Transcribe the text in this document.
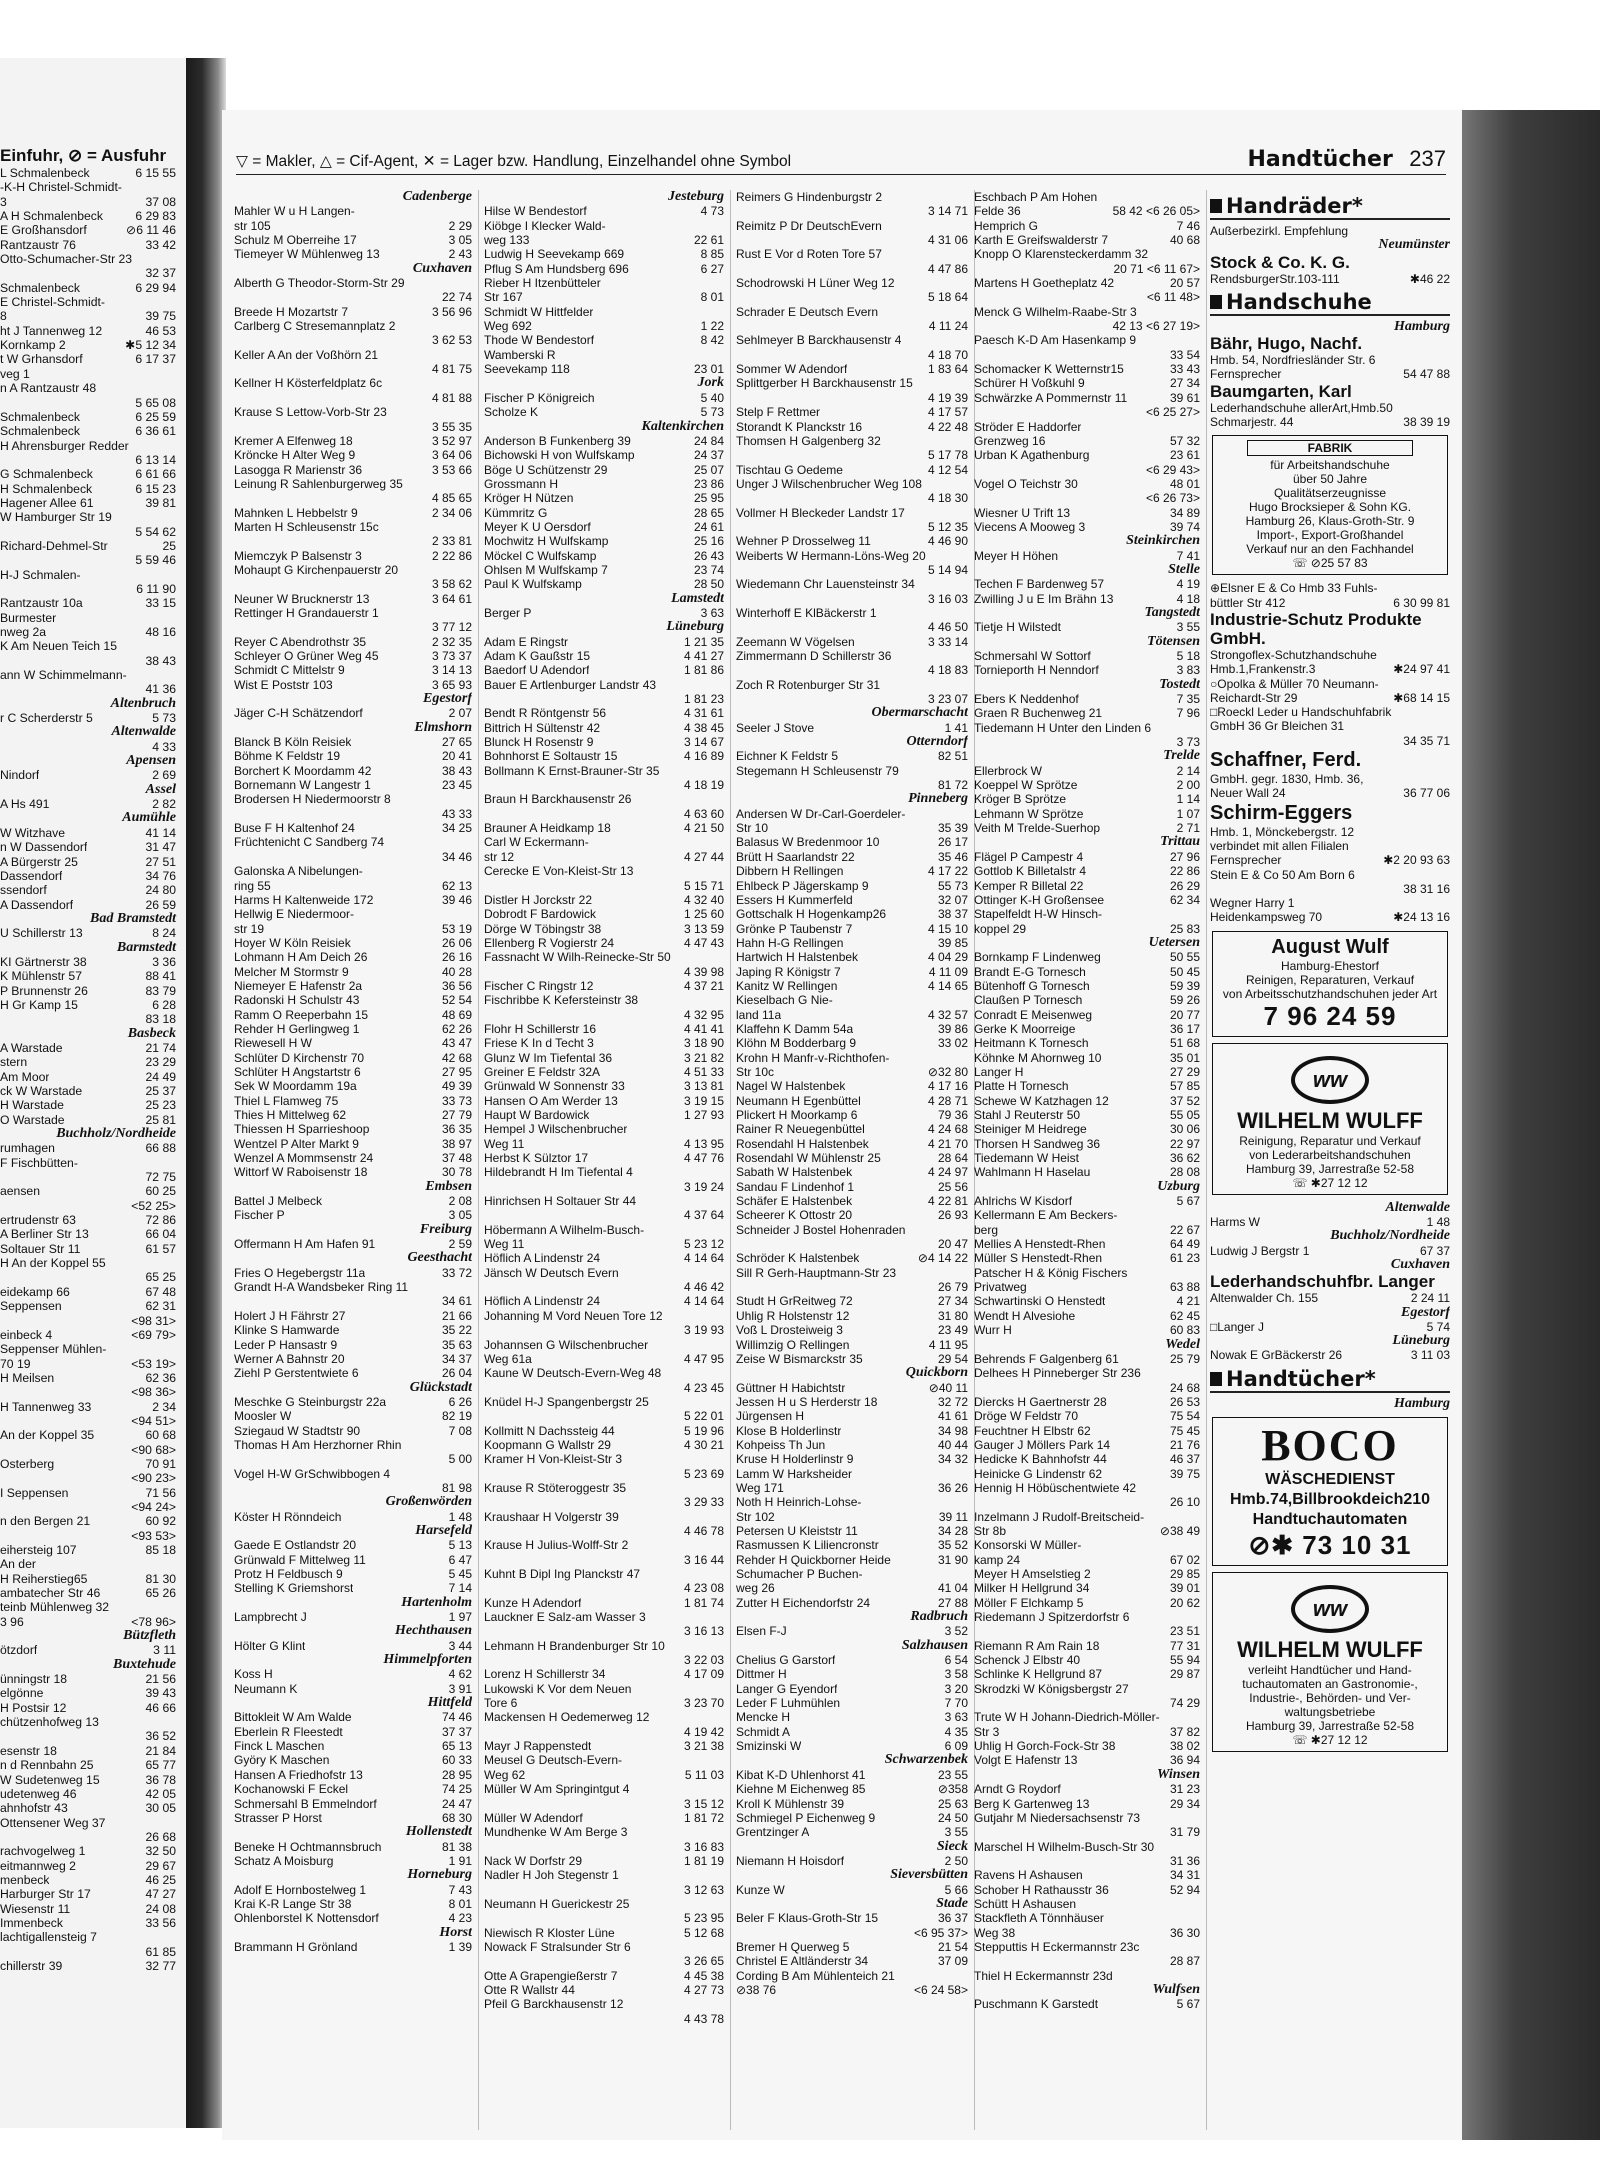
Einfuhr, ⊘ = Ausfuhr
L Schmalenbeck	6 15 55
-K-H Christel-Schmidt-
3	37 08
A H Schmalenbeck	6 29 83
E Großhansdorf	⊘6 11 46
Rantzaustr 76	33 42
Otto-Schumacher-Str 23
32 37
Schmalenbeck	6 29 94
E Christel-Schmidt-
8	39 75
ht J Tannenweg 12	46 53
Kornkamp 2	✱5 12 34
t W Grhansdorf	6 17 37
veg 1
n A Rantzaustr 48
5 65 08
Schmalenbeck	6 25 59
Schmalenbeck	6 36 61
H Ahrensburger Redder
6 13 14
G Schmalenbeck	6 61 66
H Schmalenbeck	6 15 23
Hagener Allee 61	39 81
W Hamburger Str 19
5 54 62
Richard-Dehmel-Str	25
5 59 46
H-J Schmalen-
6 11 90
Rantzaustr 10a	33 15
Burmester
nweg 2a	48 16
K Am Neuen Teich 15
38 43
ann W Schimmelmann-
41 36
Altenbruch
r C Scherderstr 5	5 73
Altenwalde
4 33
Apensen
Nindorf	2 69
Assel
A Hs 491	2 82
Aumühle
W Witzhave	41 14
n W Dassendorf	31 47
A Bürgerstr 25	27 51
Dassendorf	34 76
ssendorf	24 80
A Dassendorf	26 59
Bad Bramstedt
U Schillerstr 13	8 24
Barmstedt
KI Gärtnerstr 38	3 36
K Mühlenstr 57	88 41
P Brunnenstr 26	83 79
H Gr Kamp 15	6 28
83 18
Basbeck
A Warstade	21 74
stern	23 29
Am Moor	24 49
ck W Warstade	25 37
H Warstade	25 23
O Warstade	25 81
Buchholz/Nordheide
rumhagen	66 88
F Fischbütten-
72 75
aensen	60 25
<52 25>
ertrudenstr 63	72 86
A Berliner Str 13	66 04
Soltauer Str 11	61 57
H An der Koppel 55
65 25
eidekamp 66	67 48
Seppensen	62 31
<98 31>
einbeck 4	<69 79>
Seppenser Mühlen-
70 19	<53 19>
H Meilsen	62 36
<98 36>
H Tannenweg 33	2 34
<94 51>
An der Koppel 35	60 68
<90 68>
Osterberg	70 91
<90 23>
I Seppensen	71 56
<94 24>
n den Bergen 21	60 92
<93 53>
eihersteig 107	85 18
An der
H Reiherstieg65	81 30
ambatecher Str 46	65 26
teinb Mühlenweg 32
3 96	<78 96>
Bützfleth
ötzdorf	3 11
Buxtehude
ünningstr 18	21 56
elgönne	39 43
H Postsir 12	46 66
chützenhofweg 13
36 52
esenstr 18	21 84
n d Rennbahn 25	65 77
W Sudetenweg 15	36 78
udetenweg 46	42 05
ahnhofstr 43	30 05
Ottensener Weg 37
26 68
rachvogelweg 1	32 50
eitmannweg 2	29 67
menbeck	46 25
Harburger Str 17	47 27
Wiesenstr 11	24 08
Immenbeck	33 56
lachtigallensteig 7
61 85
chillerstr 39	32 77
▽ = Makler, △ = Cif-Agent, ✕ = Lager bzw. Handlung, Einzelhandel ohne Symbol	Handtücher 237
Cadenberge
Mahler W u H Langen-
str 105	2 29
Schulz M Oberreihe 17	3 05
Tiemeyer W Mühlenweg 13	2 43
Cuxhaven
Alberth G Theodor-Storm-Str 29
22 74
Breede H Mozartstr 7	3 56 96
Carlberg C Stresemannplatz 2
3 62 53
Keller A An der Voßhörn 21
4 81 75
Kellner H Kösterfeldplatz 6c
4 81 88
Krause S Lettow-Vorb-Str 23
3 55 35
Kremer A Elfenweg 18	3 52 97
Kröncke H Alter Weg 9	3 64 06
Lasogga R Marienstr 36	3 53 66
Leinung R Sahlenburgerweg 35
4 85 65
Mahnken L Hebbelstr 9	2 34 06
Marten H Schleusenstr 15c
2 33 81
Miemczyk P Balsenstr 3	2 22 86
Mohaupt G Kirchenpauerstr 20
3 58 62
Neuner W Brucknerstr 13	3 64 61
Rettinger H Grandauerstr 1
3 77 12
Reyer C Abendrothstr 35	2 32 35
Schleyer O Grüner Weg 45	3 73 37
Schmidt C Mittelstr 9	3 14 13
Wist E Poststr 103	3 65 93
Egestorf
Jäger C-H Schätzendorf	2 07
Elmshorn
Blanck B Köln Reisiek	27 65
Böhme K Feldstr 19	20 41
Borchert K Moordamm 42	38 43
Bornemann W Langestr 1	23 45
Brodersen H Niedermoorstr 8
43 33
Buse F H Kaltenhof 24	34 25
Früchtenicht C Sandberg 74
34 46
Galonska A Nibelungen-
ring 55	62 13
Harms H Kaltenweide 172	39 46
Hellwig E Niedermoor-
str 19	53 19
Hoyer W Köln Reisiek	26 06
Lohmann H Am Deich 26	26 16
Melcher M Stormstr 9	40 28
Niemeyer E Hafenstr 2a	36 56
Radonski H Schulstr 43	52 54
Ramm O Reeperbahn 15	48 69
Rehder H Gerlingweg 1	62 26
Riewesell H W	43 47
Schlüter D Kirchenstr 70	42 68
Schlüter H Angstartstr 6	27 95
Sek W Moordamm 19a	49 39
Thiel L Flamweg 75	33 73
Thies H Mittelweg 62	27 79
Thiessen H Sparrieshoop	36 35
Wentzel P Alter Markt 9	38 97
Wenzel A Mommsenstr 24	37 48
Wittorf W Raboisenstr 18	30 78
Embsen
Battel J Melbeck	2 08
Fischer P	3 05
Freiburg
Offermann H Am Hafen 91	2 59
Geesthacht
Fries O Hegebergstr 11a	33 72
Grandt H-A Wandsbeker Ring 11
34 61
Holert J H Fährstr 27	21 66
Klinke S Hamwarde	35 22
Leder P Hansastr 9	35 63
Werner A Bahnstr 20	34 37
Ziehl P Gerstentwiete 6	26 04
Glückstadt
Meschke G Steinburgstr 22a	6 26
Moosler W	82 19
Sziegaud W Stadtstr 90	7 08
Thomas H Am Herzhorner Rhin
5 00
Vogel H-W GrSchwibbogen 4
81 98
Großenwörden
Köster H Rönndeich	1 48
Harsefeld
Gaede E Ostlandstr 20	5 13
Grünwald F Mittelweg 11	6 47
Protz H Feldbusch 9	5 45
Stelling K Griemshorst	7 14
Hartenholm
Lampbrecht J	1 97
Hechthausen
Hölter G Klint	3 44
Himmelpforten
Koss H	4 62
Neumann K	3 91
Hittfeld
Bittokleit W Am Walde	74 46
Eberlein R Fleestedt	37 37
Finck L Maschen	65 13
Györy K Maschen	60 33
Hansen A Friedhofstr 13	28 95
Kochanowski F Eckel	74 25
Schmersahl B Emmelndorf	24 47
Strasser P Horst	68 30
Hollenstedt
Beneke H Ochtmannsbruch	81 38
Schatz A Moisburg	1 91
Horneburg
Adolf E Hornbostelweg 1	7 43
Krai K-R Lange Str 38	8 01
Ohlenborstel K Nottensdorf	4 23
Horst
Brammann H Grönland	1 39
Jesteburg
Hilse W Bendestorf	4 73
Kiöbge I Klecker Wald-
weg 133	22 61
Ludwig H Seevekamp 669	8 85
Pflug S Am Hundsberg 696	6 27
Rieber H Itzenbütteler
Str 167	8 01
Schmidt W Hittfelder
Weg 692	1 22
Thode W Bendestorf	8 42
Wamberski R
Seevekamp 118	23 01
Jork
Fischer P Königreich	5 40
Scholze K	5 73
Kaltenkirchen
Anderson B Funkenberg 39	24 84
Bichowski H von Wulfskamp	24 37
Böge U Schützenstr 29	25 07
Grossmann H	23 86
Kröger H Nützen	25 95
Kümmritz G	28 65
Meyer K U Oersdorf	24 61
Mochwitz H Wulfskamp	25 16
Möckel C Wulfskamp	26 43
Ohlsen M Wulfskamp 7	23 74
Paul K Wulfskamp	28 50
Lamstedt
Berger P	3 63
Lüneburg
Adam E Ringstr	1 21 35
Adam K Gaußstr 15	4 41 27
Baedorf U Adendorf	1 81 86
Bauer E Artlenburger Landstr 43
1 81 23
Bendt R Röntgenstr 56	4 31 61
Bittrich H Sültenstr 42	4 38 45
Blunck H Rosenstr 9	3 14 67
Bohnhorst E Soltaustr 15	4 16 89
Bollmann K Ernst-Brauner-Str 35
4 18 19
Braun H Barckhausenstr 26
4 63 60
Brauner A Heidkamp 18	4 21 50
Carl W Eckermann-
str 12	4 27 44
Cerecke E Von-Kleist-Str 13
5 15 71
Distler H Jorckstr 22	4 32 40
Dobrodt F Bardowick	1 25 60
Dörge W Töbingstr 38	3 13 59
Ellenberg R Vogierstr 24	4 47 43
Fassnacht W Wilh-Reinecke-Str 50
4 39 98
Fischer C Ringstr 12	4 37 21
Fischribbe K Kefersteinstr 38
4 32 95
Flohr H Schillerstr 16	4 41 41
Friese K In d Techt 3	3 18 90
Glunz W Im Tiefental 36	3 21 82
Greiner E Feldstr 32A	4 51 33
Grünwald W Sonnenstr 33	3 13 81
Hansen O Am Werder 13	3 19 15
Haupt W Bardowick	1 27 93
Hempel J Wilschenbrucher
Weg 11	4 13 95
Herbst K Sülztor 17	4 47 76
Hildebrandt H Im Tiefental 4
3 19 24
Hinrichsen H Soltauer Str 44
4 37 64
Höbermann A Wilhelm-Busch-
Weg 11	5 23 12
Höflich A Lindenstr 24	4 14 64
Jänsch W Deutsch Evern
4 46 42
Höflich A Lindenstr 24	4 14 64
Johanning M Vord Neuen Tore 12
3 19 93
Johannsen G Wilschenbrucher
Weg 61a	4 47 95
Kaune W Deutsch-Evern-Weg 48
4 23 45
Knüdel H-J Spangenbergstr 25
5 22 01
Kollmitt N Dachssteig 44	5 19 96
Koopmann G Wallstr 29	4 30 21
Kramer H Von-Kleist-Str 3
5 23 69
Krause R Stöteroggestr 35
3 29 33
Kraushaar H Volgerstr 39
4 46 78
Krause H Julius-Wolff-Str 2
3 16 44
Kuhnt B Dipl Ing Planckstr 47
4 23 08
Kunze H Adendorf	1 81 74
Lauckner E Salz-am Wasser 3
3 16 13
Lehmann H Brandenburger Str 10
3 22 03
Lorenz H Schillerstr 34	4 17 09
Lukowski K Vor dem Neuen
Tore 6	3 23 70
Mackensen H Oedemerweg 12
4 19 42
Mayr J Rappenstedt	3 21 38
Meusel G Deutsch-Evern-
Weg 62	5 11 03
Müller W Am Springintgut 4
3 15 12
Müller W Adendorf	1 81 72
Mundhenke W Am Berge 3
3 16 83
Nack W Dorfstr 29	1 81 19
Nadler H Joh Stegenstr 1
3 12 63
Neumann H Guerickestr 25
5 23 95
Niewisch R Kloster Lüne	5 12 68
Nowack F Stralsunder Str 6
3 26 65
Otte A Grapengießerstr 7	4 45 38
Otte R Wallstr 44	4 27 73
Pfeil G Barckhausenstr 12
4 43 78
Reimers G Hindenburgstr 2
3 14 71
Reimitz P Dr DeutschEvern
4 31 06
Rust E Vor d Roten Tore 57
4 47 86
Schodrowski H Lüner Weg 12
5 18 64
Schrader E Deutsch Evern
4 11 24
Sehlmeyer B Barckhausenstr 4
4 18 70
Sommer W Adendorf	1 83 64
Splittgerber H Barckhausenstr 15
4 19 39
Stelp F Rettmer	4 17 57
Storandt K Planckstr 16	4 22 48
Thomsen H Galgenberg 32
5 17 78
Tischtau G Oedeme	4 12 54
Unger J Wilschenbrucher Weg 108
4 18 30
Vollmer H Bleckeder Landstr 17
5 12 35
Wehner P Drosselweg 11	4 46 90
Weiberts W Hermann-Löns-Weg 20
5 14 94
Wiedemann Chr Lauensteinstr 34
3 16 03
Winterhoff E KlBäckerstr 1
4 46 50
Zeemann W Vögelsen	3 33 14
Zimmermann D Schillerstr 36
4 18 83
Zoch R Rotenburger Str 31
3 23 07
Obermarschacht
Seeler J Stove	1 41
Otterndorf
Eichner K Feldstr 5	82 51
Stegemann H Schleusenstr 79
81 72
Pinneberg
Andersen W Dr-Carl-Goerdeler-
Str 10	35 39
Balasus W Bredenmoor 10	26 17
Brütt H Saarlandstr 22	35 46
Dibbern H Rellingen	4 17 22
Ehlbeck P Jägerskamp 9	55 73
Essers H Kummerfeld	32 07
Gottschalk H Hogenkamp26	38 37
Grönke P Taubenstr 7	4 15 10
Hahn H-G Rellingen	39 85
Hartwich H Halstenbek	4 04 29
Japing R Königstr 7	4 11 09
Kanitz W Rellingen	4 14 65
Kieselbach G Nie-
land 11a	4 32 57
Klaffehn K Damm 54a	39 86
Klöhn M Bodderbarg 9	33 02
Krohn H Manfr-v-Richthofen-
Str 10c	⊘32 80
Nagel W Halstenbek	4 17 16
Neumann H Egenbüttel	4 28 71
Plickert H Moorkamp 6	79 36
Rainer R Neuegenbüttel	4 24 68
Rosendahl H Halstenbek	4 21 70
Rosendahl W Mühlenstr 25	28 64
Sabath W Halstenbek	4 24 97
Sandau F Lindenhof 1	25 56
Schäfer E Halstenbek	4 22 81
Scheerer K Ottostr 20	26 93
Schneider J Bostel Hohenraden
20 47
Schröder K Halstenbek	⊘4 14 22
Sill R Gerh-Hauptmann-Str 23
26 79
Studt H GrReitweg 72	27 34
Uhlig R Holstenstr 12	31 80
Voß L Drosteiweig 3	23 49
Willimzig O Rellingen	4 11 95
Zeise W Bismarckstr 35	29 54
Quickborn
Güttner H Habichtstr	⊘40 11
Jessen H u S Herderstr 18	32 72
Jürgensen H	41 61
Klose B Holderlinstr	34 98
Kohpeiss Th Jun	40 44
Kruse H Holderlinstr 9	34 32
Lamm W Harksheider
Weg 171	36 26
Noth H Heinrich-Lohse-
Str 102	39 11
Petersen U Kleiststr 11	34 28
Rasmussen K Liliencronstr	35 52
Rehder H Quickborner Heide	31 90
Schumacher P Buchen-
weg 26	41 04
Zutter H Eichendorfstr 24	27 88
Radbruch
Elsen F-J	3 52
Salzhausen
Chelius G Garstorf	6 54
Dittmer H	3 58
Langer G Eyendorf	3 20
Leder F Luhmühlen	7 70
Mencke H	3 63
Schmidt A	4 35
Smizinski W	6 09
Schwarzenbek
Kibat K-D Uhlenhorst 41	23 55
Kiehne M Eichenweg 85	⊘358
Kroll K Mühlenstr 39	25 63
Schmiegel P Eichenweg 9	24 50
Grentzinger A	3 55
Sieck
Niemann H Hoisdorf	2 50
Sieversbütten
Kunze W	5 66
Stade
Beler F Klaus-Groth-Str 15	36 37
<6 95 37>
Bremer H Querweg 5	21 54
Christel E Altländerstr 34	37 09
Cording B Am Mühlenteich 21
⊘38 76	<6 24 58>
Eschbach P Am Hohen
Felde 36	58 42 <6 26 05>
Hemprich G	7 46
Karth E Greifswalderstr 7	40 68
Knopp O Klarensteckerdamm 32
20 71 <6 11 67>
Martens H Goetheplatz 42	20 57
<6 11 48>
Menck G Wilhelm-Raabe-Str 3
42 13 <6 27 19>
Paesch K-D Am Hasenkamp 9
33 54
Schomacker K Wetternstr15	33 43
Schürer H Voßkuhl 9	27 34
Schwärzke A Pommernstr 11	39 61
<6 25 27>
Ströder E Haddorfer
Grenzweg 16	57 32
Urban K Agathenburg	23 61
<6 29 43>
Vogel O Teichstr 30	48 01
<6 26 73>
Wiesner U Trift 13	34 89
Viecens A Mooweg 3	39 74
Steinkirchen
Meyer H Höhen	7 41
Stelle
Techen F Bardenweg 57	4 19
Zwilling J u E Im Brähn 13	4 18
Tangstedt
Tietje H Wilstedt	3 55
Tötensen
Schmersahl W Sottorf	5 18
Tornieporth H Nenndorf	3 83
Tostedt
Ebers K Neddenhof	7 35
Graen R Buchenweg 21	7 96
Tiedemann H Unter den Linden 6
3 73
Trelde
Ellerbrock W	2 14
Koeppel W Sprötze	2 00
Kröger B Sprötze	1 14
Lehmann W Sprötze	1 07
Veith M Trelde-Suerhop	2 71
Trittau
Flägel P Campestr 4	27 96
Gottlob K Billetalstr 4	22 86
Kemper R Billetal 22	26 29
Ottinger K-H Großensee	62 34
Stapelfeldt H-W Hinsch-
koppel 29	25 83
Uetersen
Bornkamp F Lindenweg	50 55
Brandt E-G Tornesch	50 45
Bütenhoff G Tornesch	59 39
Claußen P Tornesch	59 26
Conradt E Meisenweg	20 77
Gerke K Moorreige	36 17
Heitmann K Tornesch	51 68
Köhnke M Ahornweg 10	35 01
Langer H	27 29
Platte H Tornesch	57 85
Schewe W Katzhagen 12	37 52
Stahl J Reuterstr 50	55 05
Steiniger M Heidrege	30 06
Thorsen H Sandweg 36	22 97
Tiedemann W Heist	36 62
Wahlmann H Haselau	28 08
Uzburg
Ahlrichs W Kisdorf	5 67
Kellermann E Am Beckers-
berg	22 67
Mellies A Henstedt-Rhen	64 49
Müller S Henstedt-Rhen	61 23
Patscher H & König Fischers
Privatweg	63 88
Schwartinski O Henstedt	4 21
Wendt H Alvesiohe	62 45
Wurr H	60 83
Wedel
Behrends F Galgenberg 61	25 79
Delhees H Pinneberger Str 236
24 68
Diercks H Gaertnerstr 28	26 53
Dröge W Feldstr 70	75 54
Feuchtner H Elbstr 62	75 45
Gauger J Möllers Park 14	21 76
Hedicke K Bahnhofstr 44	46 37
Heinicke G Lindenstr 62	39 75
Hennig H Höbüschentwiete 42
26 10
Inzelmann J Rudolf-Breitscheid-
Str 8b	⊘38 49
Konsorski W Müller-
kamp 24	67 02
Meyer H Amselstieg 2	29 85
Milker H Hellgrund 34	39 01
Möller F Elchkamp 5	20 62
Riedemann J Spitzerdorfstr 6
23 51
Riemann R Am Rain 18	77 31
Schenck J Elbstr 40	55 94
Schlinke K Hellgrund 87	29 87
Skrodzki W Königsbergstr 27
74 29
Trute W H Johann-Diedrich-Möller-
Str 3	37 82
Uhlig H Gorch-Fock-Str 38	38 02
Volgt E Hafenstr 13	36 94
Winsen
Arndt G Roydorf	31 23
Berg K Gartenweg 13	29 34
Gutjahr M Niedersachsenstr 73
31 79
Marschel H Wilhelm-Busch-Str 30
31 36
Ravens H Ashausen	34 31
Schober H Rathausstr 36	52 94
Schütt H Ashausen
Stackfleth A Tönnhäuser
Weg 38	36 30
Stepputtis H Eckermannstr 23c
28 87
Thiel H Eckermannstr 23d
Wulfsen
Puschmann K Garstedt	5 67
Handräder*
Außerbezirkl. Empfehlung
Neumünster
Stock & Co. K. G.
RendsburgerStr.103-111	✱46 22
Handschuhe
Hamburg
Bähr, Hugo, Nachf.
Hmb. 54, Nordfriesländer Str. 6
Fernsprecher	54 47 88
Baumgarten, Karl
Lederhandschuhe allerArt,Hmb.50
Schmarjestr. 44	38 39 19
FABRIK
für Arbeitshandschuhe
über 50 Jahre
Qualitätserzeugnisse
Hugo Brocksieper & Sohn KG.
Hamburg 26, Klaus-Groth-Str. 9
Import-, Export-Großhandel
Verkauf nur an den Fachhandel
☏ ⊘25 57 83
⊕Elsner E & Co Hmb 33 Fuhls-
büttler Str 412	6 30 99 81
Industrie-Schutz Produkte GmbH.
Strongoflex-Schutzhandschuhe
Hmb.1,Frankenstr.3	✱24 97 41
○Opolka & Müller 70 Neumann-
Reichardt-Str 29	✱68 14 15
□Roeckl Leder u Handschuhfabrik
GmbH 36 Gr Bleichen 31
34 35 71
Schaffner, Ferd.
GmbH. gegr. 1830, Hmb. 36,
Neuer Wall 24	36 77 06
Schirm-Eggers
Hmb. 1, Mönckebergstr. 12
verbindet mit allen Filialen
Fernsprecher	✱2 20 93 63
Stein E & Co 50 Am Born 6
38 31 16
Wegner Harry 1
Heidenkampsweg 70	✱24 13 16
August Wulf
Hamburg-Ehestorf
Reinigen, Reparaturen, Verkauf
von Arbeitsschutzhandschuhen jeder Art
7 96 24 59
ww
WILHELM WULFF
Reinigung, Reparatur und Verkauf
von Lederarbeitshandschuhen
Hamburg 39, Jarrestraße 52-58
☏ ✱27 12 12
Altenwalde
Harms W	1 48
Buchholz/Nordheide
Ludwig J Bergstr 1	67 37
Cuxhaven
Lederhandschuhfbr. Langer
Altenwalder Ch. 155	2 24 11
Egestorf
□Langer J	5 74
Lüneburg
Nowak E GrBäckerstr 26	3 11 03
Handtücher*
Hamburg
BOCO
WÄSCHEDIENST
Hmb.74,Billbrookdeich210
Handtuchautomaten
⊘✱ 73 10 31
ww
WILHELM WULFF
verleiht Handtücher und Hand-
tuchautomaten an Gastronomie-,
Industrie-, Behörden- und Ver-
waltungsbetriebe
Hamburg 39, Jarrestraße 52-58
☏ ✱27 12 12
